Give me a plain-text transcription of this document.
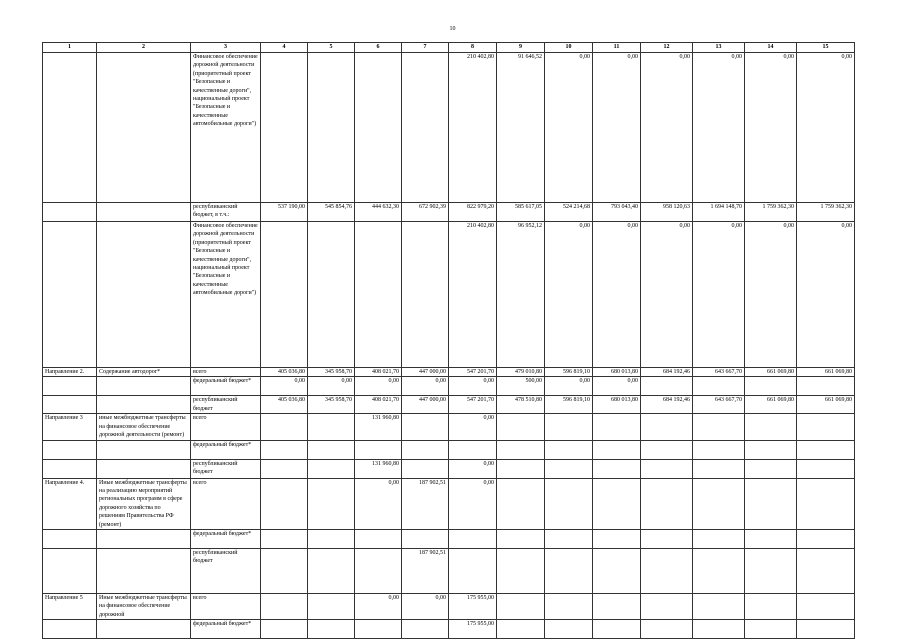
10
1	2	3	4	5	6	7	8	9	10	11	12	13	14	15
		Финансовое обеспечение дорожной деятельности (приоритетный проект "Безопасные и качественные дороги", национальный проект "Безопасные и качественные автомобильные дороги")					210 402,80	91 646,52	0,00	0,00	0,00	0,00	0,00	0,00
		республиканский бюджет, в т.ч.:	537 190,00	545 854,76	444 632,30	672 902,39	822 979,20	585 617,05	524 214,68	793 043,40	958 120,63	1 694 148,70	1 759 362,30	1 759 362,30
		Финансовое обеспечение дорожной деятельности (приоритетный проект "Безопасные и качественные дороги", национальный проект "Безопасные и качественные автомобильные дороги")					210 402,80	96 952,12	0,00	0,00	0,00	0,00	0,00	0,00
Направление 2.	Содержание автодорог*	всего	405 036,80	345 958,70	408 021,70	447 000,00	547 201,70	479 010,80	596 819,10	680 013,80	684 192,46	643 667,70	661 069,80	661 069,80
		федеральный бюджет*	0,00	0,00	0,00	0,00	0,00	500,00	0,00	0,00				
		республиканский бюджет	405 036,80	345 958,70	408 021,70	447 000,00	547 201,70	478 510,80	596 819,10	680 013,80	684 192,46	643 667,70	661 069,80	661 069,80
Направление 3	иные межбюджетные трансферты на финансовое обеспечение дорожной деятельности (ремонт)	всего			131 960,80		0,00							
		федеральный бюджет*												
		республиканский бюджет			131 960,80		0,00							
Направление 4.	Иные межбюджетные трансферты на реализацию мероприятий региональных программ в сфере дорожного хозяйства по решениям Правительства РФ (ремонт)	всего			0,00	187 902,51	0,00							
		федеральный бюджет*												
		республиканский бюджет				187 902,51								
Направление 5	Иные межбюджетные трансферты на финансовое обеспечение дорожной	всего			0,00	0,00	175 955,00							
		федеральный бюджет*					175 955,00							
